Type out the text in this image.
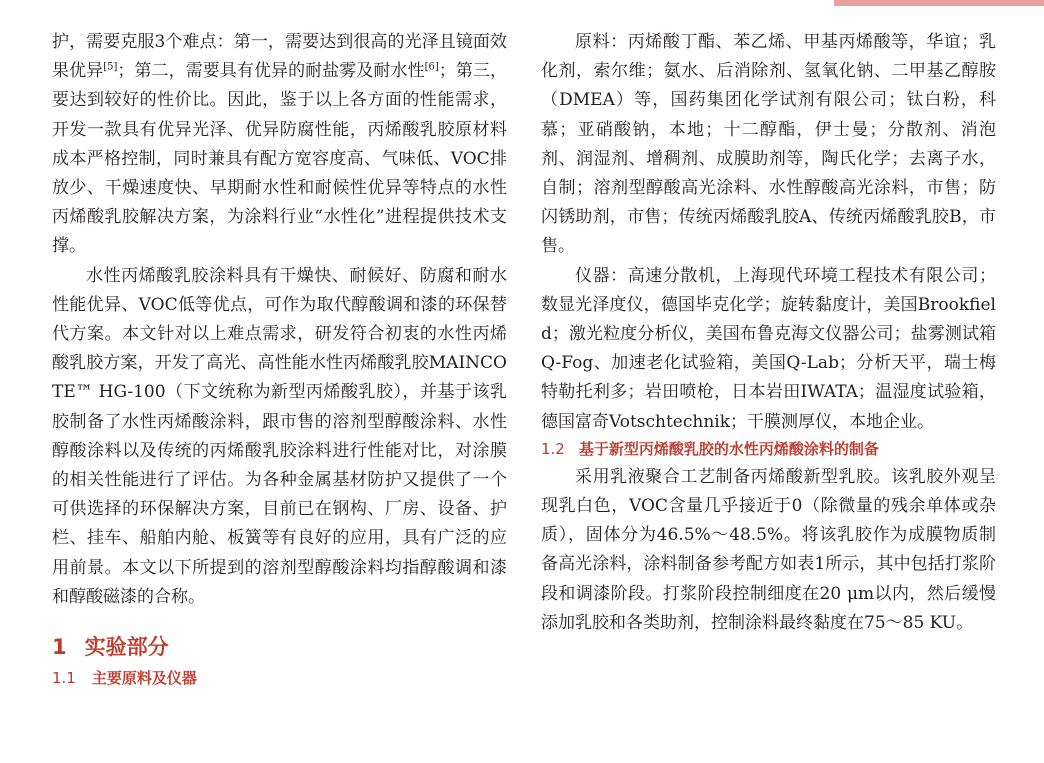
护，需要克服3个难点：第一，需要达到很高的光泽且镜面效果优异[5]；第二，需要具有优异的耐盐雾及耐水性[6]；第三，要达到较好的性价比。因此，鉴于以上各方面的性能需求，开发一款具有优异光泽、优异防腐性能，丙烯酸乳胶原材料成本严格控制，同时兼具有配方宽容度高、气味低、VOC排放少、干燥速度快、早期耐水性和耐候性优异等特点的水性丙烯酸乳胶解决方案，为涂料行业“水性化”进程提供技术支撑。

水性丙烯酸乳胶涂料具有干燥快、耐候好、防腐和耐水性能优异、VOC低等优点，可作为取代醇酸调和漆的环保替代方案。本文针对以上难点需求，研发符合初衷的水性丙烯酸乳胶方案，开发了高光、高性能水性丙烯酸乳胶MAINCOTE™ HG-100（下文统称为新型丙烯酸乳胶），并基于该乳胶制备了水性丙烯酸涂料，跟市售的溶剂型醇酸涂料、水性醇酸涂料以及传统的丙烯酸乳胶涂料进行性能对比，对涂膜的相关性能进行了评估。为各种金属基材防护又提供了一个可供选择的环保解决方案，目前已在钢构、厂房、设备、护栏、挂车、船舶内舱、板簧等有良好的应用，具有广泛的应用前景。本文以下所提到的溶剂型醇酸涂料均指醇酸调和漆和醇酸磁漆的合称。

1 实验部分
1.1 主要原料及仪器

原料：丙烯酸丁酯、苯乙烯、甲基丙烯酸等，华谊；乳化剂，索尔维；氨水、后消除剂、氢氧化钠、二甲基乙醇胺（DMEA）等，国药集团化学试剂有限公司；钛白粉，科慕；亚硝酸钠，本地；十二醇酯，伊士曼；分散剂、消泡剂、润湿剂、增稠剂、成膜助剂等，陶氏化学；去离子水，自制；溶剂型醇酸高光涂料、水性醇酸高光涂料，市售；防闪锈助剂，市售；传统丙烯酸乳胶A、传统丙烯酸乳胶B，市售。

仪器：高速分散机，上海现代环境工程技术有限公司；数显光泽度仪，德国毕克化学；旋转黏度计，美国Brookfield；激光粒度分析仪，美国布鲁克海文仪器公司；盐雾测试箱Q-Fog、加速老化试验箱，美国Q-Lab；分析天平，瑞士梅特勒托利多；岩田喷枪，日本岩田IWATA；温湿度试验箱，德国富奇Votschtechnik；干膜测厚仪，本地企业。

1.2 基于新型丙烯酸乳胶的水性丙烯酸涂料的制备

采用乳液聚合工艺制备丙烯酸新型乳胶。该乳胶外观呈现乳白色，VOC含量几乎接近于0（除微量的残余单体或杂质），固体分为46.5%～48.5%。将该乳胶作为成膜物质制备高光涂料，涂料制备参考配方如表1所示，其中包括打浆阶段和调漆阶段。打浆阶段控制细度在20 μm以内，然后缓慢添加乳胶和各类助剂，控制涂料最终黏度在75～85 KU。
